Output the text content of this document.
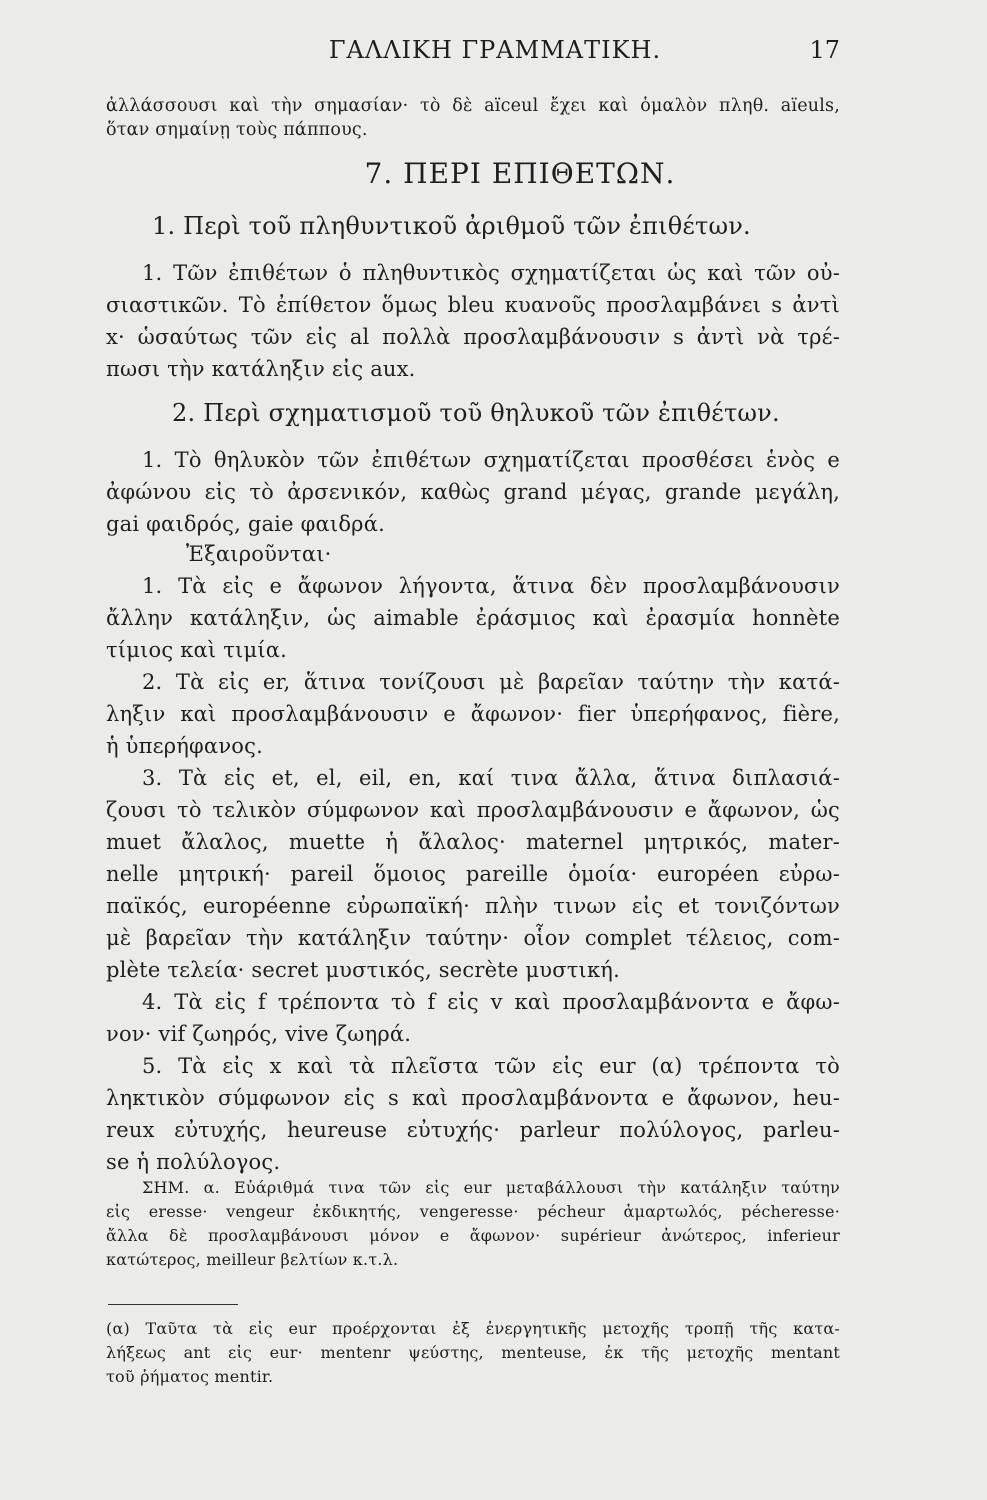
ΓΑΛΛΙΚΗ ΓΡΑΜΜΑΤΙΚΗ.	17
ἀλλάσσουσι καὶ τὴν σημασίαν· τὸ δὲ aïceul ἔχει καὶ ὁμαλὸν πληθ. aïeuls,
ὅταν σημαίνῃ τοὺς πάππους.
7. ΠΕΡΙ ΕΠΙΘΕΤΩΝ.
1. Περὶ τοῦ πληθυντικοῦ ἀριθμοῦ τῶν ἐπιθέτων.
1. Τῶν ἐπιθέτων ὁ πληθυντικὸς σχηματίζεται ὡς καὶ τῶν οὐ-
σιαστικῶν. Τὸ ἐπίθετον ὅμως bleu κυανοῦς προσλαμβάνει s ἀντὶ
x· ὡσαύτως τῶν εἰς al πολλὰ προσλαμβάνουσιν s ἀντὶ νὰ τρέ-
πωσι τὴν κατάληξιν εἰς aux.
2. Περὶ σχηματισμοῦ τοῦ θηλυκοῦ τῶν ἐπιθέτων.
1. Τὸ θηλυκὸν τῶν ἐπιθέτων σχηματίζεται προσθέσει ἑνὸς e
ἀφώνου εἰς τὸ ἀρσενικόν, καθὼς grand μέγας, grande μεγάλη,
gai φαιδρός, gaie φαιδρά.
Ἐξαιροῦνται·
1. Τὰ εἰς e ἄφωνον λήγοντα, ἅτινα δὲν προσλαμβάνουσιν
ἄλλην κατάληξιν, ὡς aimable ἐράσμιος καὶ ἐρασμία honnète
τίμιος καὶ τιμία.
2. Τὰ εἰς er, ἅτινα τονίζουσι μὲ βαρεῖαν ταύτην τὴν κατά-
ληξιν καὶ προσλαμβάνουσιν e ἄφωνον· fier ὑπερήφανος, fière,
ἡ ὑπερήφανος.
3. Τὰ εἰς et, el, eil, en, καί τινα ἄλλα, ἅτινα διπλασιά-
ζουσι τὸ τελικὸν σύμφωνον καὶ προσλαμβάνουσιν e ἄφωνον, ὡς
muet ἄλαλος, muette ἡ ἄλαλος· maternel μητρικός, mater-
nelle μητρική· pareil ὅμοιος pareille ὁμοία· européen εὐρω-
παϊκός, européenne εὐρωπαϊκή· πλὴν τινων εἰς et τονιζόντων
μὲ βαρεῖαν τὴν κατάληξιν ταύτην· οἷον complet τέλειος, com-
plète τελεία· secret μυστικός, secrète μυστική.
4. Τὰ εἰς f τρέποντα τὸ f εἰς v καὶ προσλαμβάνοντα e ἄφω-
νον· vif ζωηρός, vive ζωηρά.
5. Τὰ εἰς x καὶ τὰ πλεῖστα τῶν εἰς eur (α) τρέποντα τὸ
ληκτικὸν σύμφωνον εἰς s καὶ προσλαμβάνοντα e ἄφωνον, heu-
reux εὐτυχής, heureuse εὐτυχής· parleur πολύλογος, parleu-
se ἡ πολύλογος.
ΣΗΜ. α. Εὐάριθμά τινα τῶν εἰς eur μεταβάλλουσι τὴν κατάληξιν ταύτην
εἰς eresse· vengeur ἐκδικητής, vengeresse· pécheur ἁμαρτωλός, pécheresse·
ἄλλα δὲ προσλαμβάνουσι μόνον e ἄφωνον· supérieur ἀνώτερος, inferieur
κατώτερος, meilleur βελτίων κ.τ.λ.
(α) Ταῦτα τὰ εἰς eur προέρχονται ἐξ ἐνεργητικῆς μετοχῆς τροπῇ τῆς κατα-
λήξεως ant εἰς eur· mentenr ψεύστης, menteuse, ἐκ τῆς μετοχῆς mentant
τοῦ ῥήματος mentir.
